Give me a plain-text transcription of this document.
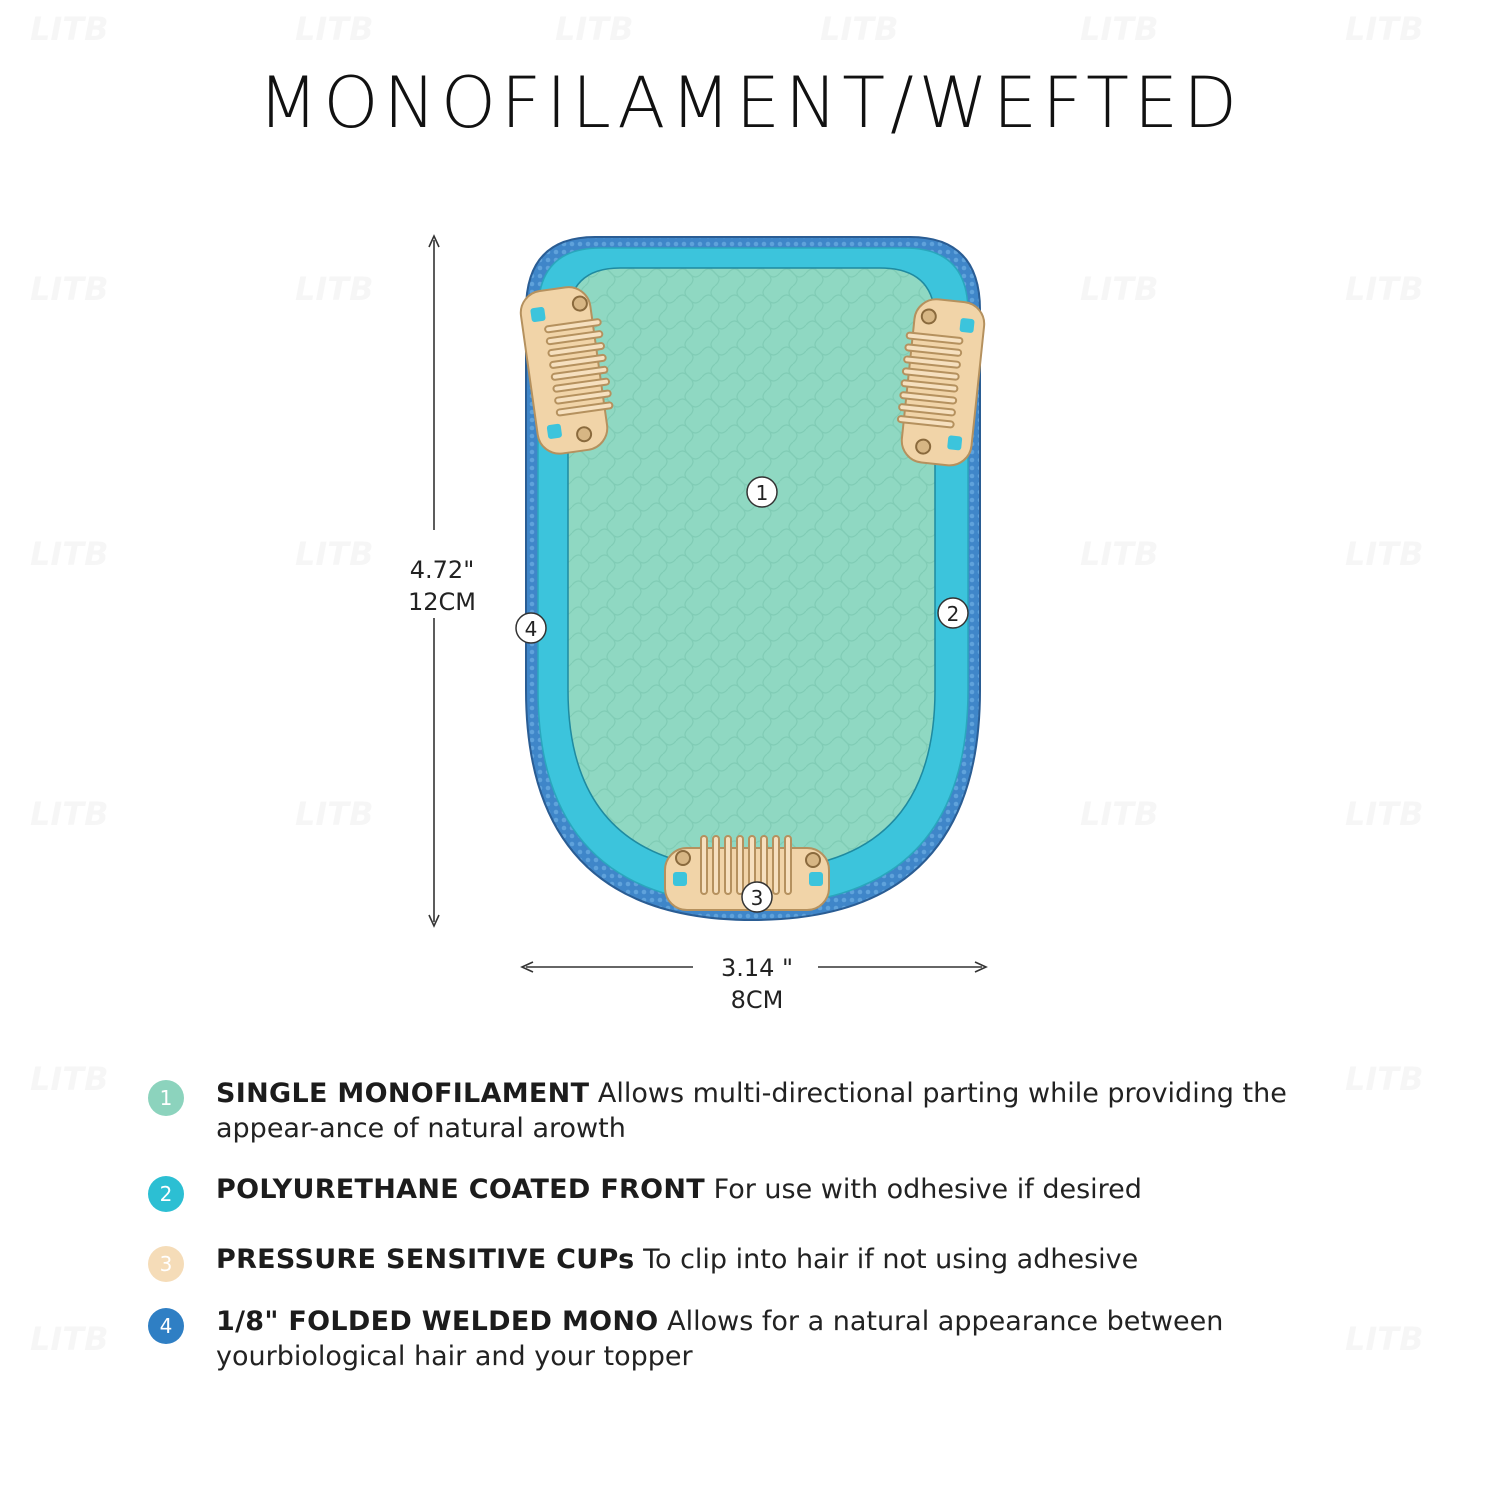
MONOFILAMENT/WEFTED
1
2
3
4
4.72"
12CM
3.14 "
8CM
1	SINGLE MONOFILAMENT Allows multi-directional parting while providing the appear-ance of natural arowth
2	POLYURETHANE COATED FRONT For use with odhesive if desired
3	PRESSURE SENSITIVE CUPs To clip into hair if not using adhesive
4	1/8" FOLDED WELDED MONO Allows for a natural appearance between yourbiological hair and your topper
